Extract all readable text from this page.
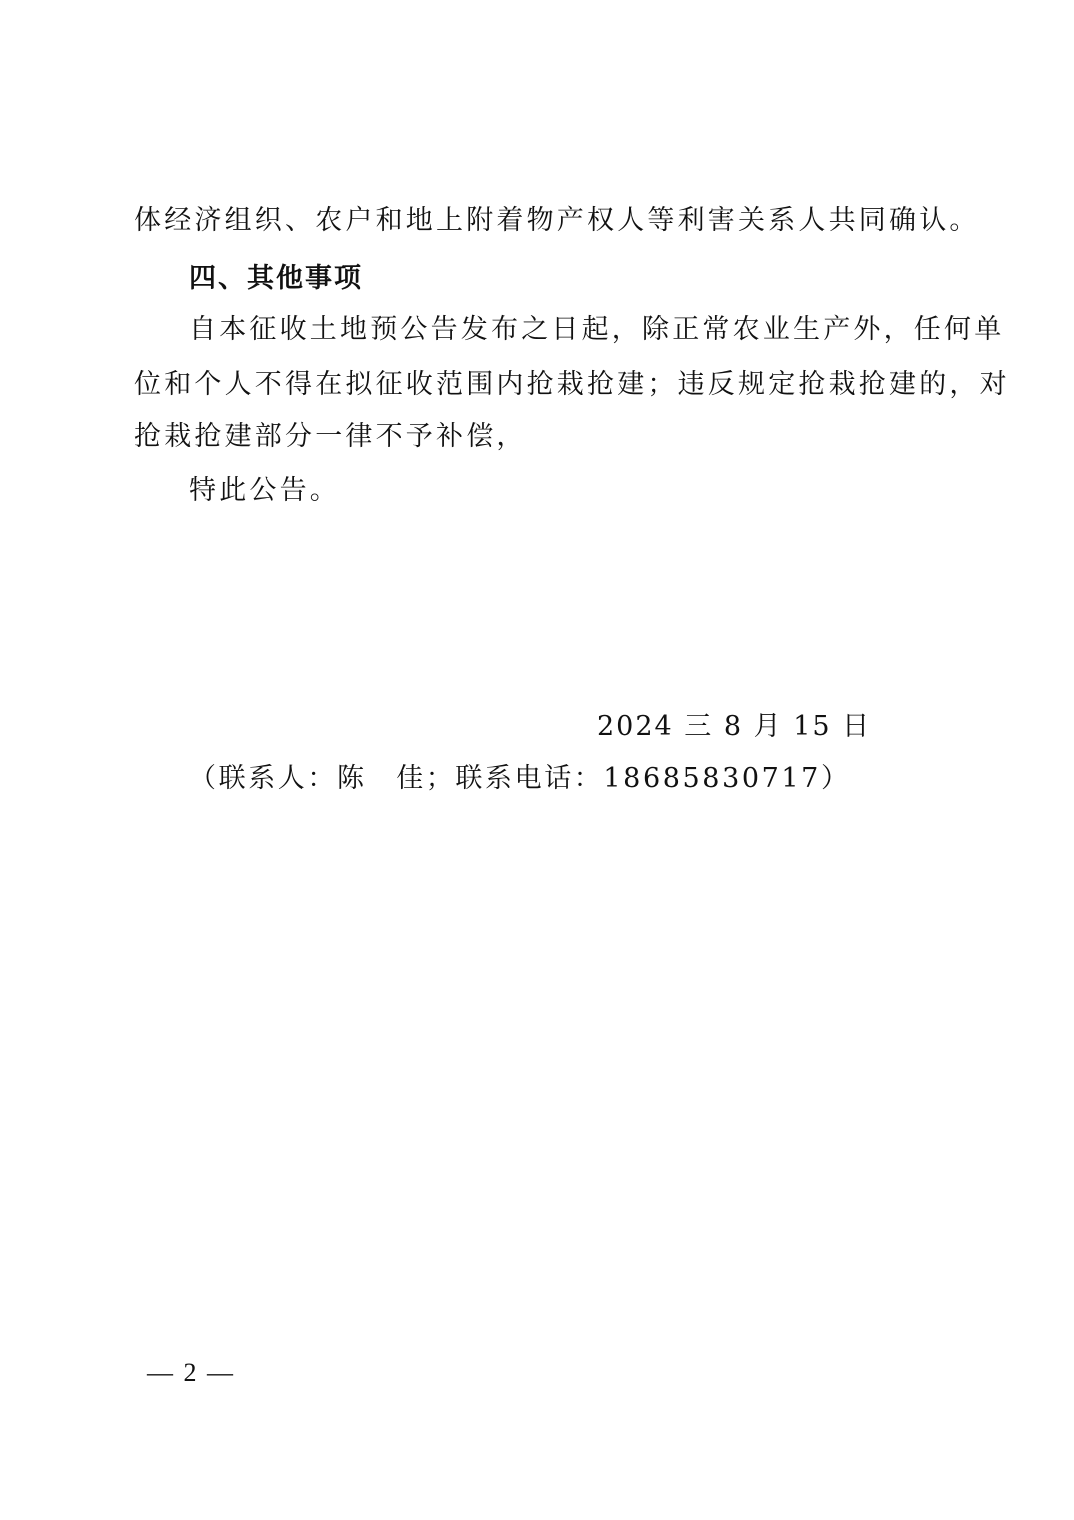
体经济组织、农户和地上附着物产权人等利害关系人共同确认。
四、其他事项
自本征收土地预公告发布之日起，除正常农业生产外，任何单
位和个人不得在拟征收范围内抢栽抢建；违反规定抢栽抢建的，对
抢栽抢建部分一律不予补偿，
特此公告。
2024 三 8 月 15 日
（联系人：陈　佳；联系电话：18685830717）
— 2 —
